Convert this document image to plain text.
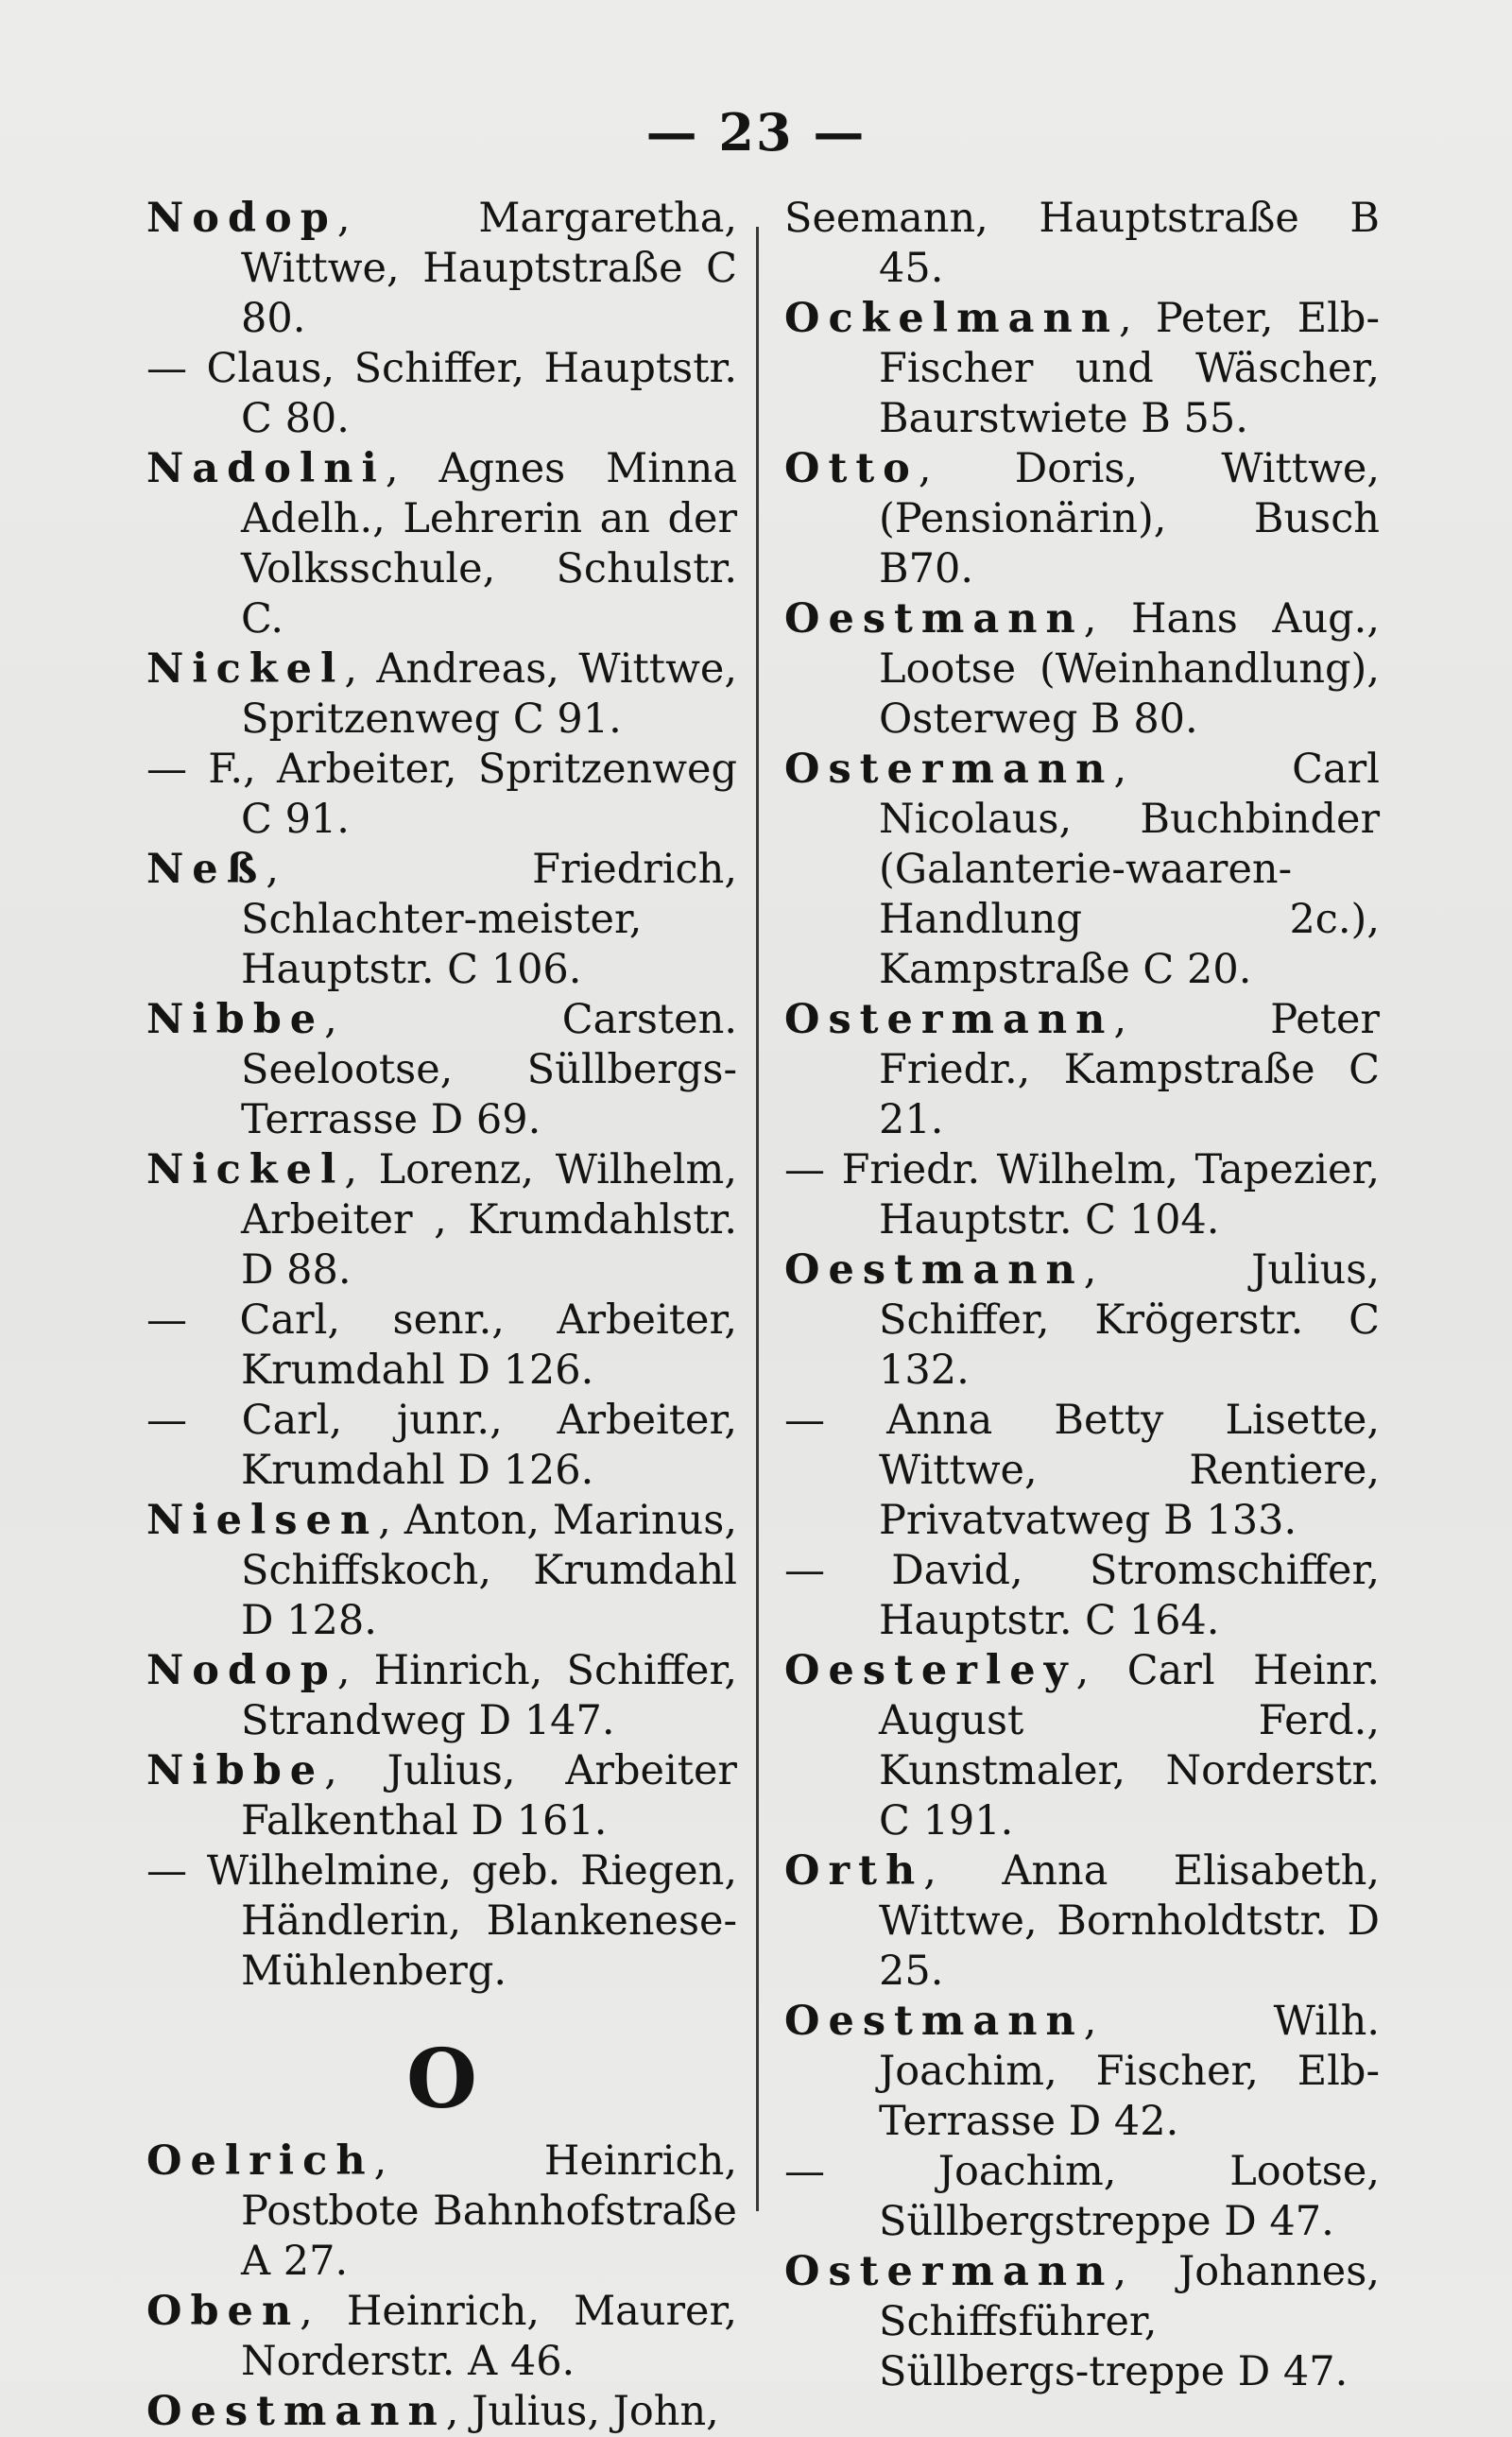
— 23 —
Nodop, Margaretha, Wittwe, Hauptstraße C 80.
— Claus, Schiffer, Hauptstr. C 80.
Nadolni, Agnes Minna Adelh., Lehrerin an der Volksschule, Schulstr. C.
Nickel, Andreas, Wittwe, Spritzenweg C 91.
— F., Arbeiter, Spritzenweg C 91.
Neß, Friedrich, Schlachter-meister, Hauptstr. C 106.
Nibbe, Carsten. Seelootse, Süllbergs-Terrasse D 69.
Nickel, Lorenz, Wilhelm, Arbeiter , Krumdahlstr. D 88.
— Carl, senr., Arbeiter, Krumdahl D 126.
— Carl, junr., Arbeiter, Krumdahl D 126.
Nielsen, Anton, Marinus, Schiffskoch, Krumdahl D 128.
Nodop, Hinrich, Schiffer, Strandweg D 147.
Nibbe, Julius, Arbeiter Falkenthal D 161.
— Wilhelmine, geb. Riegen, Händlerin, Blankenese-Mühlenberg.
O
Oelrich, Heinrich, Postbote Bahnhofstraße A 27.
Oben, Heinrich, Maurer, Norderstr. A 46.
Oestmann, Julius, John,
Seemann, Hauptstraße B 45.
Ockelmann, Peter, Elb-Fischer und Wäscher, Baurstwiete B 55.
Otto, Doris, Wittwe, (Pensionärin), Busch B70.
Oestmann, Hans Aug., Lootse (Weinhandlung), Osterweg B 80.
Ostermann, Carl Nicolaus, Buchbinder (Galanterie-waaren-Handlung 2c.), Kampstraße C 20.
Ostermann, Peter Friedr., Kampstraße C 21.
— Friedr. Wilhelm, Tapezier, Hauptstr. C 104.
Oestmann, Julius, Schiffer, Krögerstr. C 132.
— Anna Betty Lisette, Wittwe, Rentiere, Privatvatweg B 133.
— David, Stromschiffer, Hauptstr. C 164.
Oesterley, Carl Heinr. August Ferd., Kunstmaler, Norderstr. C 191.
Orth, Anna Elisabeth, Wittwe, Bornholdtstr. D 25.
Oestmann, Wilh. Joachim, Fischer, Elb-Terrasse D 42.
— Joachim, Lootse, Süllbergstreppe D 47.
Ostermann, Johannes, Schiffsführer, Süllbergs-treppe D 47.
